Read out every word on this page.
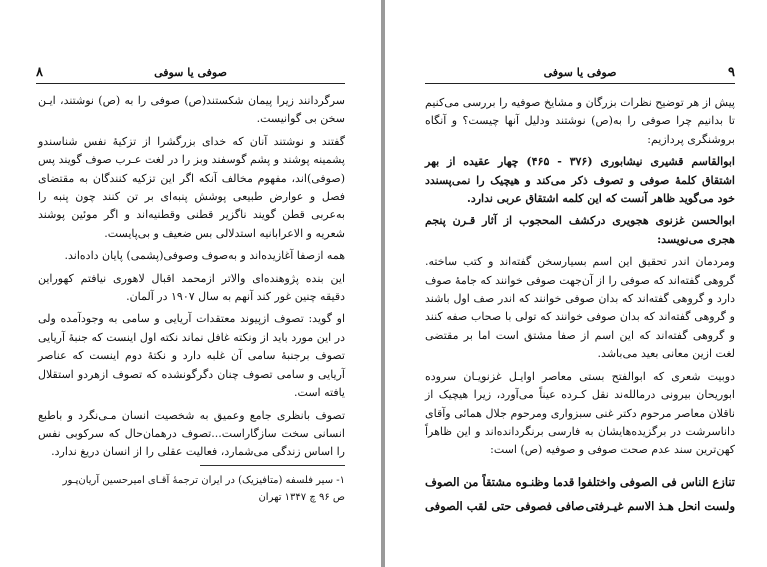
۸	صوفی یا سوفی

سرگردانند زیرا پیمان شکستند(ص) صوفی را به (ص) نوشتند، ایـن سخن بی گوانیست.

گفتند و نوشتند آنان که خدای بزرگشرا از تزکیهٔ نفس شناسندو پشمینه پوشند و پشم گوسفند وبز را در لغت عـرب صوف گویند پس (صوفی)اند، مفهوم مخالف آنکه اگر این تزکیه کنندگان به مقتضای فصل و عوارض طبیعی پوشش پنبه‌ای بر تن کنند چون پنبه را به‌عربی قطن گویند ناگزیر قطنی وقطنیه‌اند و اگر موئین پوشند شعریه و الاعرابانیه استدلالی بس ضعیف و بی‌پایست.

همه ازصفا آغازیده‌اند و به‌صوف وصوفی(پشمی) پایان داده‌اند.

این بنده پژوهنده‌ای والاتر ازمحمد اقبال لاهوری نیافتم کهوراین دقیقه چنین غور کند آنهم به سال ۱۹۰۷ در آلمان.

او گوید: تصوف ازپیوند معتقدات آریایی و سامی به وجودآمده ولی در این مورد باید از ونکته غافل نماند نکته اول اینست که جنبهٔ آریایی تصوف برجنبهٔ سامی آن غلبه دارد و نکتهٔ دوم اینست که عناصر آریایی و سامی تصوف چنان دگرگونشده که تصوف ازهردو استقلال یافته است.

تصوف بانظری جامع وعمیق به شخصیت انسان مـی‌نگرد و باطبع انسانی سخت سازگاراست...تصوف درهمان‌حال که سرکوبی نفس را اساس زندگی می‌شمارد، فعالیت عقلی را از انسان دریغ ندارد.

۱- سیر فلسفه (متافیزیک) در ایران ترجمهٔ آقـای امیرحسین آریان‌پـور

ص ۹۶ چ ۱۳۴۷ تهران

صوفی یا سوفی	۹

پیش از هر توضیح نظرات بزرگان و مشایخ صوفیه را بررسی می‌کنیم تا بدانیم چرا صوفی را به(ص) نوشتند ودلیل آنها چیست؟ و آنگاه بروشنگری پردازیم:

ابوالقاسم قشیری نیشابوری (۳۷۶ - ۴۶۵) چهار عقیده از بهر اشتقاق کلمهٔ صوفی و تصوف ذکر می‌کند و هیچیک را نمی‌پسندد خود می‌گوید ظاهر آنست که این کلمه اشتقاق عربی ندارد.

ابوالحسن غزنوی هجویری درکشف المحجوب از آثار قـرن پنجم هجری می‌نویسد:

ومردمان اندر تحقیق این اسم بسیارسخن گفته‌اند و کتب ساخته. گروهی گفته‌اند که صوفی را از آن‌جهت صوفی خوانند که جامهٔ صوف دارد و گروهی گفته‌اند که بدان صوفی خوانند که اندر صف اول باشند و گروهی گفته‌اند که بدان صوفی خوانند که تولی با صحاب صفه کنند و گروهی گفته‌اند که این اسم از صفا مشتق است اما بر مقتضی لغت ازین معانی بعید می‌باشد.

دوبیت شعری که ابوالفتح بستی معاصر اوایـل غزنویـان سروده ابوریحان بیرونی درمالله‌ند نقل کـرده عیناً می‌آورد، زیرا هیچیک از ناقلان معاصر مرحوم دکتر غنی سبزواری ومرحوم جلال همائی وآقای داناسرشت در برگزیده‌هایشان به فارسی برنگردانده‌اند و این ظاهراً کهن‌ترین سند عدم صحت صوفی و صوفیه (ص) است:

تنازع الناس فی الصوفی واختلفوا
قدما وظنـوه مشتقاً من الصوف
ولست انحل هـذ الاسم غیـرفتی
صافی فصوفی حتی لقب الصوفی
